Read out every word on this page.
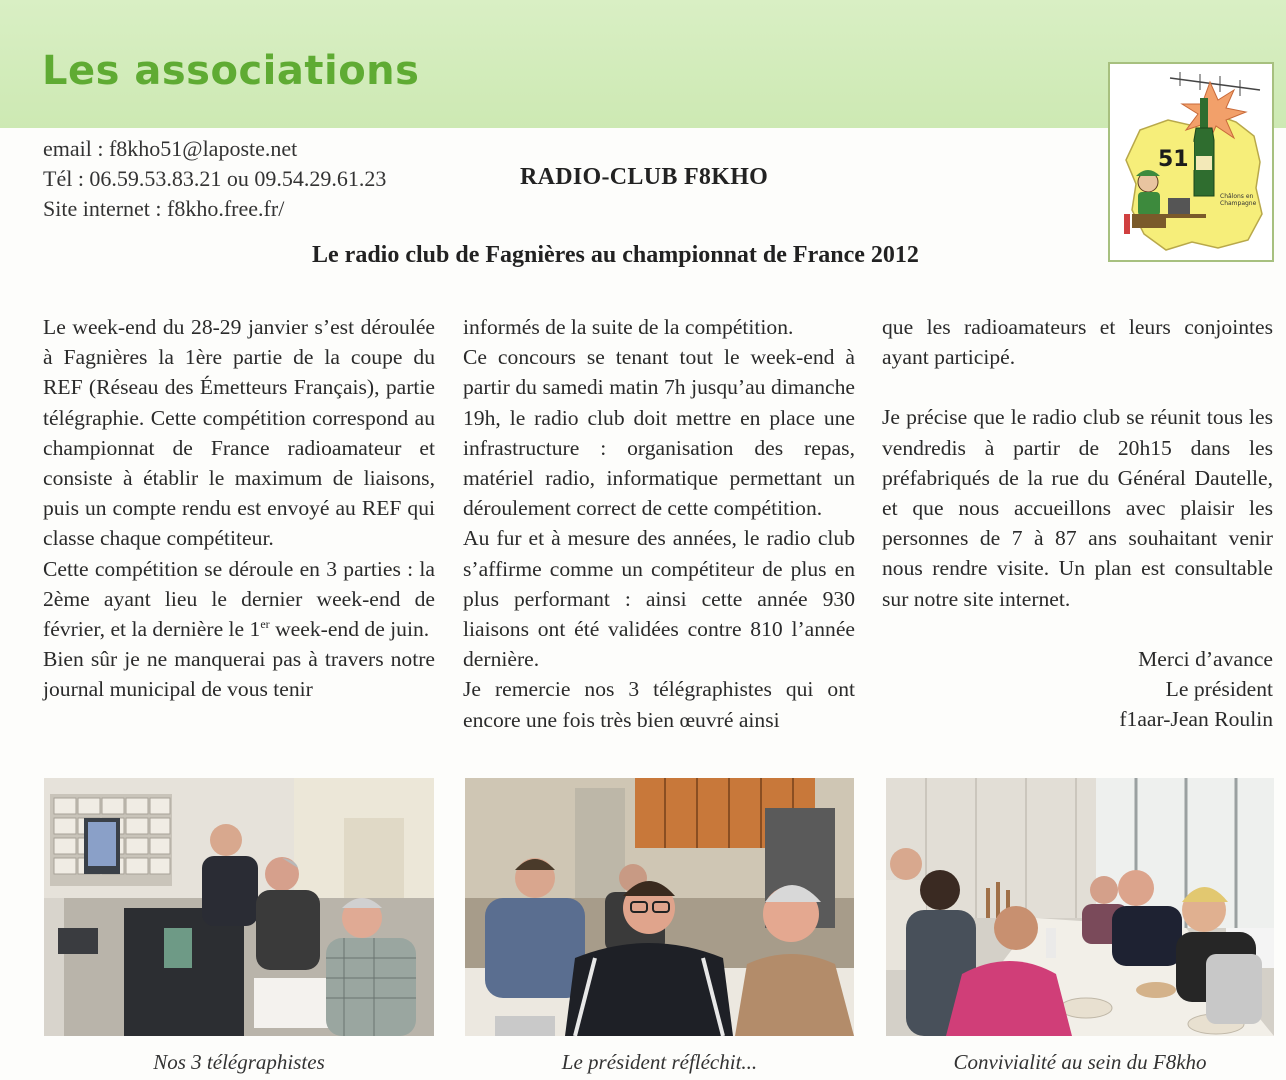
Les associations
51
Châlons en
Champagne
email : f8kho51@laposte.net
Tél : 06.59.53.83.21 ou 09.54.29.61.23
Site internet : f8kho.free.fr/
RADIO-CLUB F8KHO
Le radio club de Fagnières au championnat de France 2012

Le week-end du 28-29 janvier s’est déroulée à Fagnières la 1ère partie de la coupe du REF (Réseau des Émetteurs Français), partie télégraphie. Cette compétition correspond au championnat de France radioamateur et consiste à établir le maximum de liaisons, puis un compte rendu est envoyé au REF qui classe chaque compétiteur.

Cette compétition se déroule en 3 parties : la 2ème ayant lieu le dernier week-end de février, et la dernière le 1er week-end de juin.

Bien sûr je ne manquerai pas à travers notre journal municipal de vous tenir

informés de la suite de la compétition.

Ce concours se tenant tout le week-end à partir du samedi matin 7h jusqu’au dimanche 19h, le radio club doit mettre en place une infrastructure : organisation des repas, matériel radio, informatique permettant un déroulement correct de cette compétition.

Au fur et à mesure des années, le radio club s’affirme comme un compétiteur de plus en plus performant : ainsi cette année 930 liaisons ont été validées contre 810 l’année dernière.

Je remercie nos 3 télégraphistes qui ont encore une fois très bien œuvré ainsi

que les radioamateurs et leurs conjointes ayant participé.

Je précise que le radio club se réunit tous les vendredis à partir de 20h15 dans les préfabriqués de la rue du Général Dautelle, et que nous accueillons avec plaisir les personnes de 7 à 87 ans souhaitant venir nous rendre visite. Un plan est consultable sur notre site internet.

Merci d’avance
Le président
f1aar-Jean Roulin
Nos 3 télégraphistes	Le président réfléchit...	Convivialité au sein du F8kho
